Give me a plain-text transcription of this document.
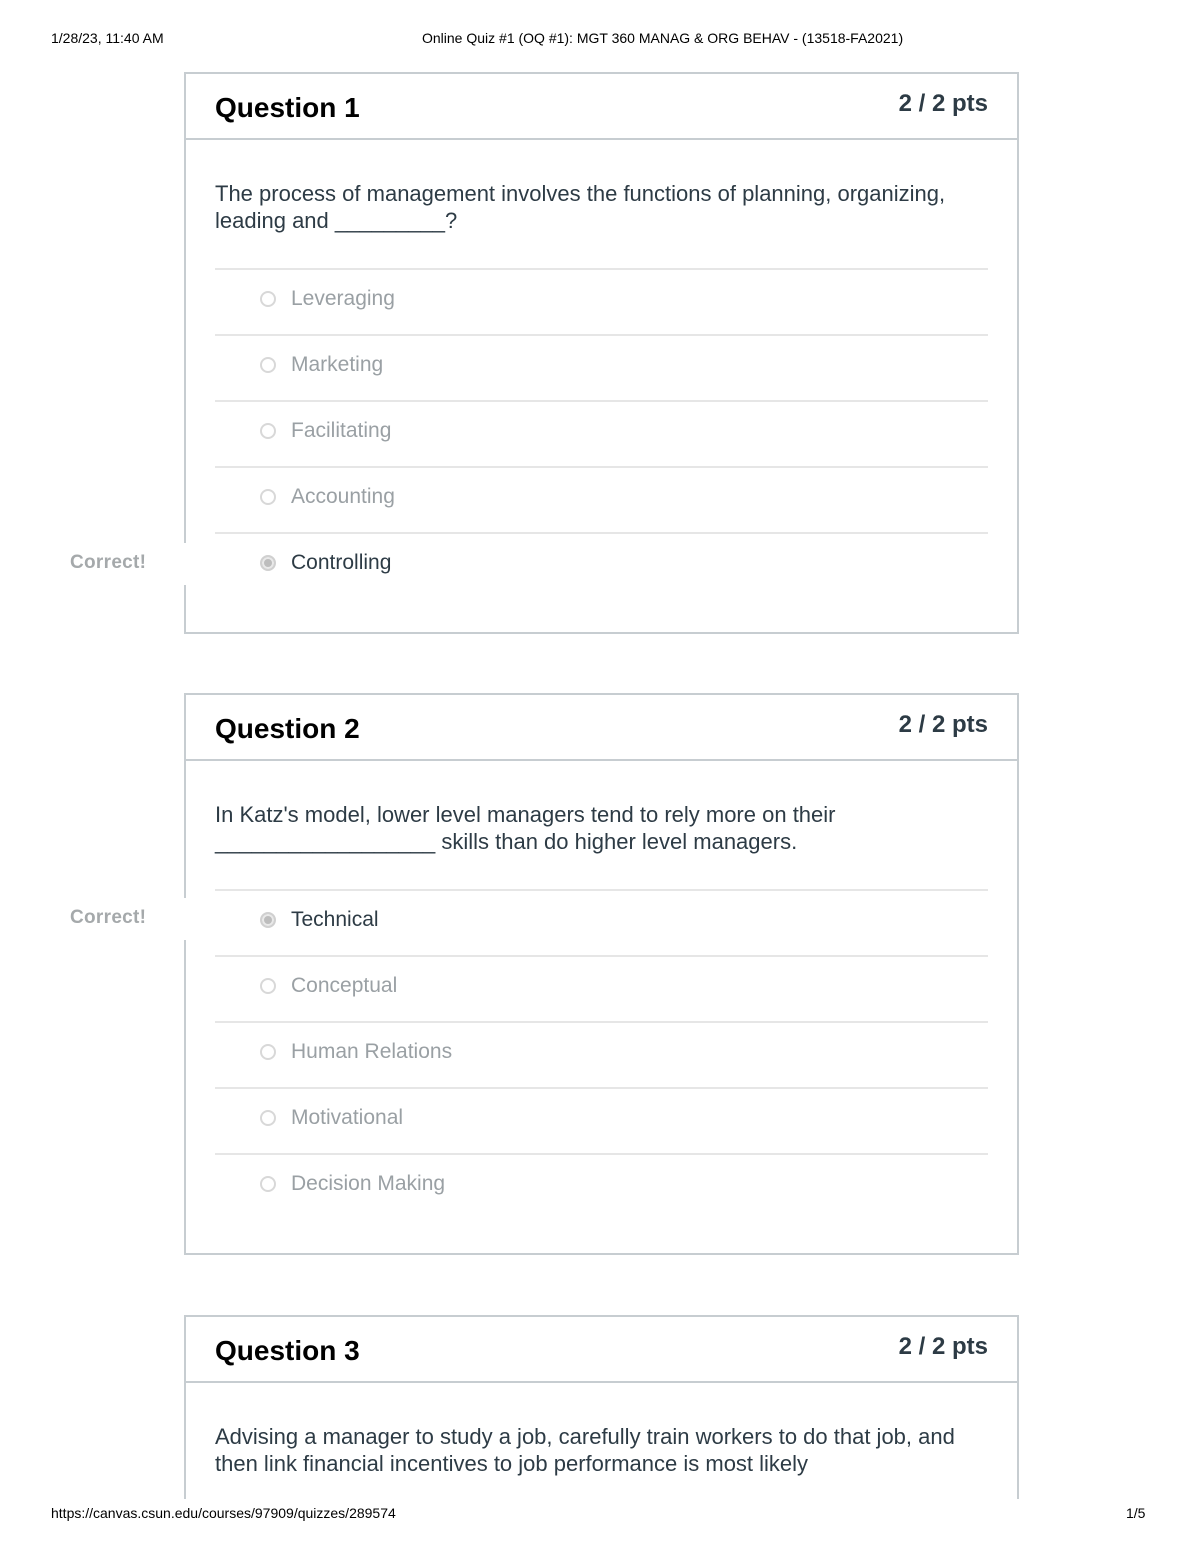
1/28/23, 11:40 AM	Online Quiz #1 (OQ #1): MGT 360 MANAG & ORG BEHAV - (13518-FA2021)
Question 1	2 / 2 pts

The process of management involves the functions of planning, organizing, leading and _________?

Leveraging
Marketing
Facilitating
Accounting
Controlling
Correct!
Question 2	2 / 2 pts

In Katz's model, lower level managers tend to rely more on their __________________ skills than do higher level managers.

Technical
Conceptual
Human Relations
Motivational
Decision Making
Correct!
Question 3	2 / 2 pts

Advising a manager to study a job, carefully train workers to do that job, and then link financial incentives to job performance is most likely

https://canvas.csun.edu/courses/97909/quizzes/289574	1/5
